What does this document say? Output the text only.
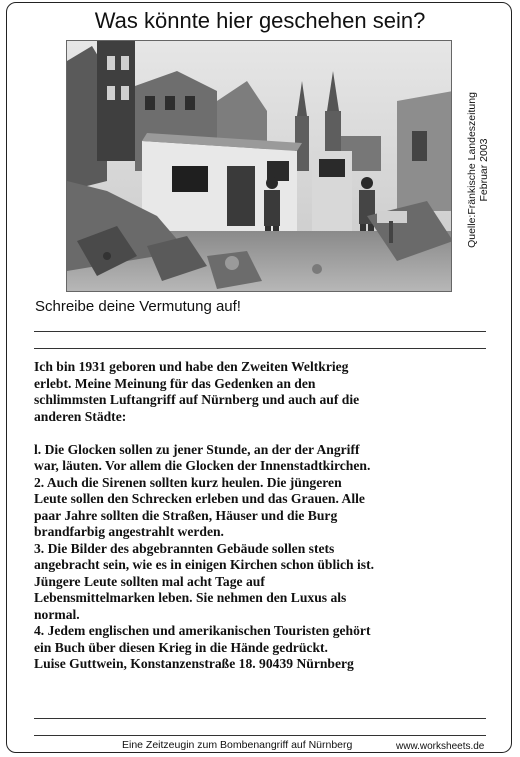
Was könnte hier geschehen sein?
Quelle:Fränkische Landeszeitung Februar 2003
Schreibe deine Vermutung auf!
Ich bin 1931 geboren und habe den Zweiten Weltkrieg
erlebt. Meine Meinung für das Gedenken an den
schlimmsten Luftangriff auf Nürnberg und auch auf die
anderen Städte:

l. Die Glocken sollen zu jener Stunde, an der der Angriff
war, läuten. Vor allem die Glocken der Innenstadtkirchen.
2. Auch die Sirenen sollten kurz heulen. Die jüngeren
Leute sollen den Schrecken erleben und das Grauen. Alle
paar Jahre sollten die Straßen, Häuser und die Burg
brandfarbig angestrahlt werden.
3. Die Bilder des abgebrannten Gebäude sollen stets
angebracht sein, wie es in einigen Kirchen schon üblich ist.
Jüngere Leute sollten mal acht Tage auf
Lebensmittelmarken leben. Sie nehmen den Luxus als
normal.
4. Jedem englischen und amerikanischen Touristen gehört
ein Buch über diesen Krieg in die Hände gedrückt.
Luise Guttwein, Konstanzenstraße 18. 90439 Nürnberg
Eine Zeitzeugin zum Bombenangriff auf Nürnberg	www.worksheets.de
